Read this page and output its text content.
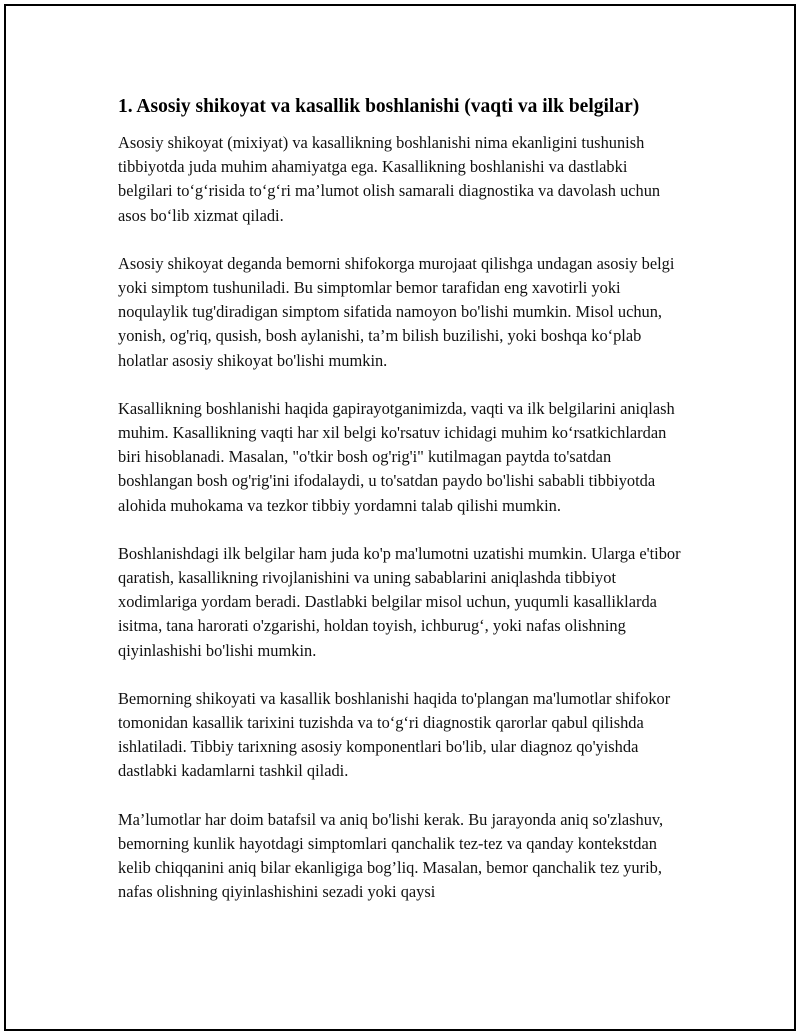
1. Asosiy shikoyat va kasallik boshlanishi (vaqti va ilk belgilar)

Asosiy shikoyat (mixiyat) va kasallikning boshlanishi nima ekanligini tushunish tibbiyotda juda muhim ahamiyatga ega. Kasallikning boshlanishi va dastlabki belgilari to‘g‘risida to‘g‘ri ma’lumot olish samarali diagnostika va davolash uchun asos bo‘lib xizmat qiladi.

Asosiy shikoyat deganda bemorni shifokorga murojaat qilishga undagan asosiy belgi yoki simptom tushuniladi. Bu simptomlar bemor tarafidan eng xavotirli yoki noqulaylik tug'diradigan simptom sifatida namoyon bo'lishi mumkin. Misol uchun, yonish, og'riq, qusish, bosh aylanishi, ta’m bilish buzilishi, yoki boshqa ko‘plab holatlar asosiy shikoyat bo'lishi mumkin.

Kasallikning boshlanishi haqida gapirayotganimizda, vaqti va ilk belgilarini aniqlash muhim. Kasallikning vaqti har xil belgi ko'rsatuv ichidagi muhim ko‘rsatkichlardan biri hisoblanadi. Masalan, "o'tkir bosh og'rig'i" kutilmagan paytda to'satdan boshlangan bosh og'rig'ini ifodalaydi, u to'satdan paydo bo'lishi sababli tibbiyotda alohida muhokama va tezkor tibbiy yordamni talab qilishi mumkin.

Boshlanishdagi ilk belgilar ham juda ko'p ma'lumotni uzatishi mumkin. Ularga e'tibor qaratish, kasallikning rivojlanishini va uning sabablarini aniqlashda tibbiyot xodimlariga yordam beradi. Dastlabki belgilar misol uchun, yuqumli kasalliklarda isitma, tana harorati o'zgarishi, holdan toyish, ichburug‘, yoki nafas olishning qiyinlashishi bo'lishi mumkin.

Bemorning shikoyati va kasallik boshlanishi haqida to'plangan ma'lumotlar shifokor tomonidan kasallik tarixini tuzishda va to‘g‘ri diagnostik qarorlar qabul qilishda ishlatiladi. Tibbiy tarixning asosiy komponentlari bo'lib, ular diagnoz qo'yishda dastlabki kadamlarni tashkil qiladi.

Ma’lumotlar har doim batafsil va aniq bo'lishi kerak. Bu jarayonda aniq so'zlashuv, bemorning kunlik hayotdagi simptomlari qanchalik tez-tez va qanday kontekstdan kelib chiqqanini aniq bilar ekanligiga bog’liq. Masalan, bemor qanchalik tez yurib, nafas olishning qiyinlashishini sezadi yoki qaysi
